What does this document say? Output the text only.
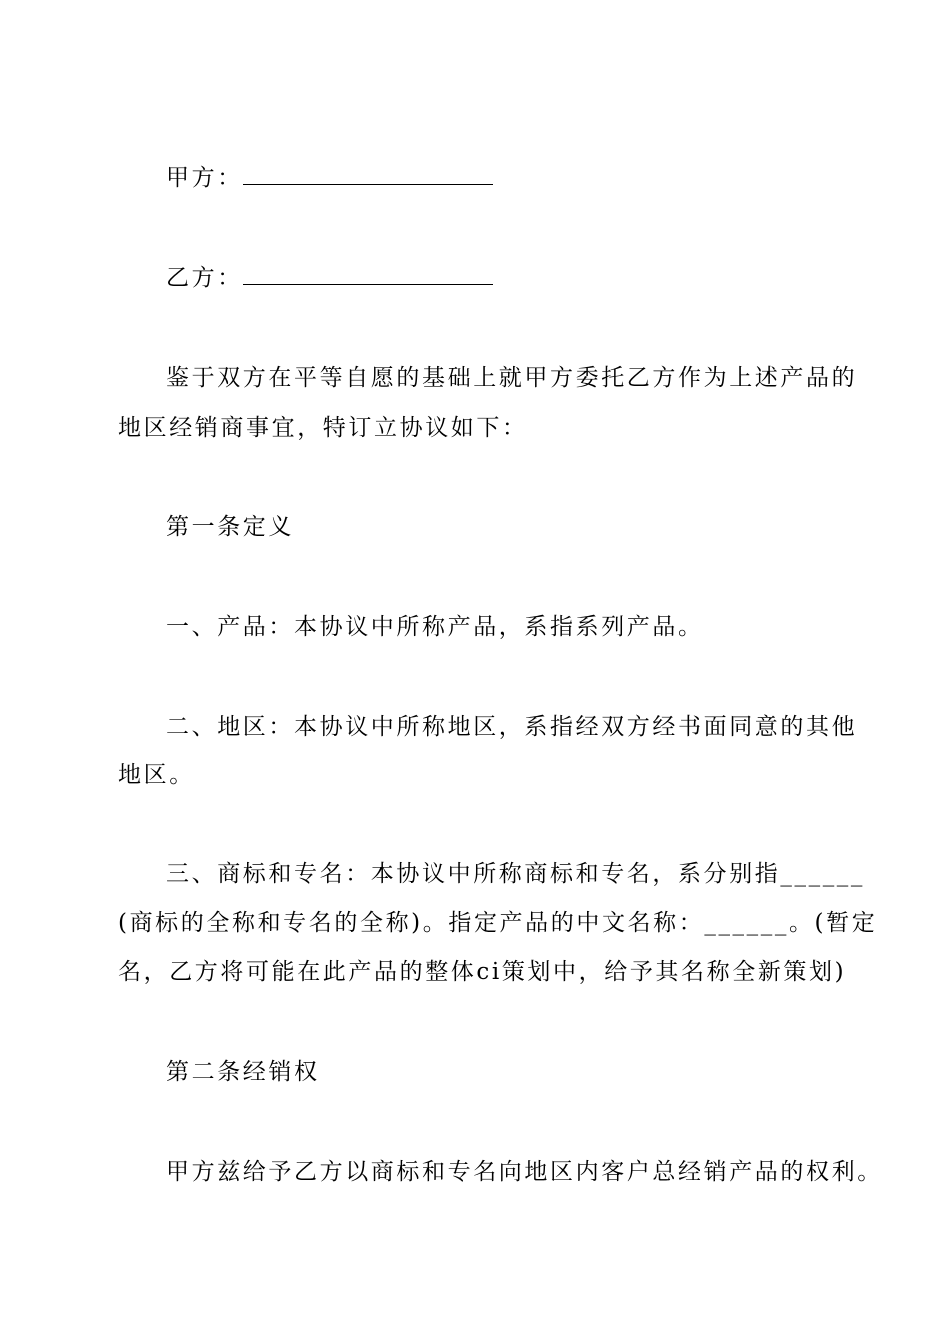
甲方：
乙方：
鉴于双方在平等自愿的基础上就甲方委托乙方作为上述产品的
地区经销商事宜，特订立协议如下：
第一条定义
一、产品：本协议中所称产品，系指系列产品。
二、地区：本协议中所称地区，系指经双方经书面同意的其他
地区。
三、商标和专名：本协议中所称商标和专名，系分别指______
(商标的全称和专名的全称)。指定产品的中文名称：______。(暂定
名，乙方将可能在此产品的整体ci策划中，给予其名称全新策划)
第二条经销权
甲方兹给予乙方以商标和专名向地区内客户总经销产品的权利。
